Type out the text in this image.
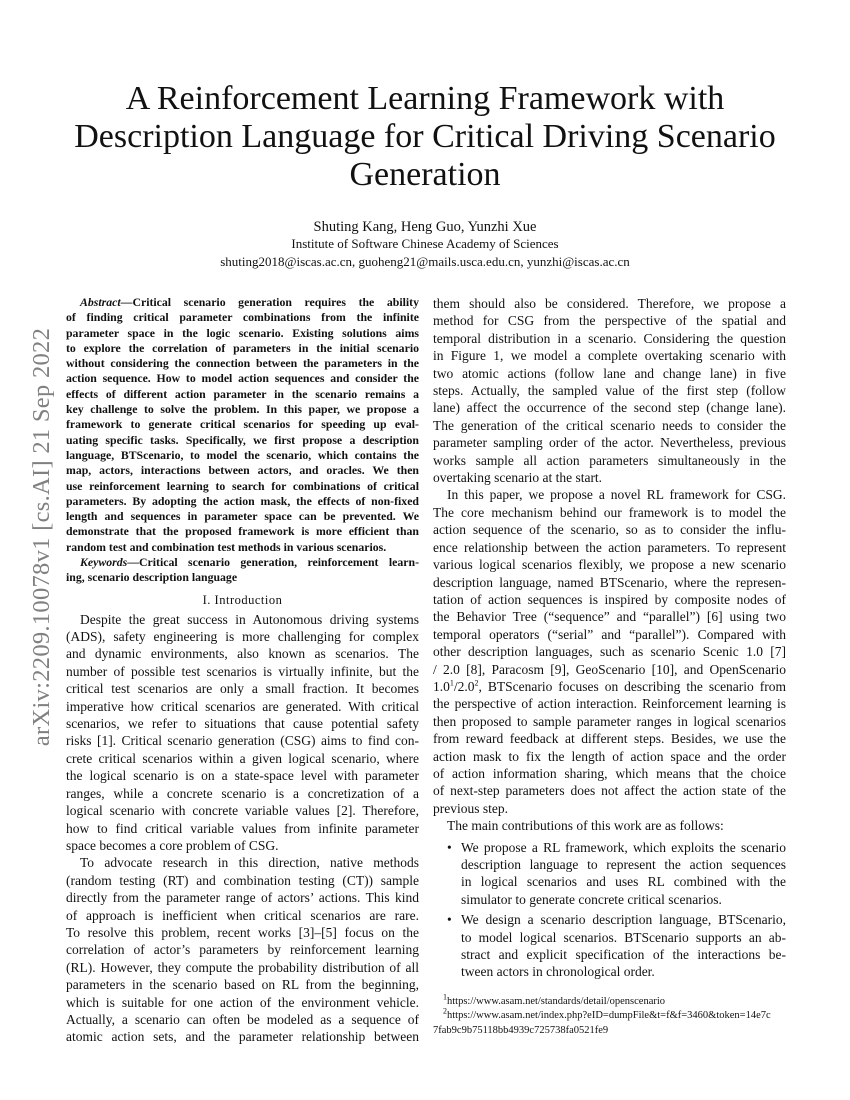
A Reinforcement Learning Framework with
Description Language for Critical Driving Scenario
Generation
Shuting Kang, Heng Guo, Yunzhi Xue
Institute of Software Chinese Academy of Sciences
shuting2018@iscas.ac.cn, guoheng21@mails.usca.edu.cn, yunzhi@iscas.ac.cn
arXiv:2209.10078v1 [cs.AI] 21 Sep 2022

Abstract—Critical scenario generation requires the ability

of finding critical parameter combinations from the infinite

parameter space in the logic scenario. Existing solutions aims

to explore the correlation of parameters in the initial scenario

without considering the connection between the parameters in the

action sequence. How to model action sequences and consider the

effects of different action parameter in the scenario remains a

key challenge to solve the problem. In this paper, we propose a

framework to generate critical scenarios for speeding up eval-

uating specific tasks. Specifically, we first propose a description

language, BTScenario, to model the scenario, which contains the

map, actors, interactions between actors, and oracles. We then

use reinforcement learning to search for combinations of critical

parameters. By adopting the action mask, the effects of non-fixed

length and sequences in parameter space can be prevented. We

demonstrate that the proposed framework is more efficient than

random test and combination test methods in various scenarios.

Keywords—Critical scenario generation, reinforcement learn-

ing, scenario description language

I. Introduction

Despite the great success in Autonomous driving systems

(ADS), safety engineering is more challenging for complex

and dynamic environments, also known as scenarios. The

number of possible test scenarios is virtually infinite, but the

critical test scenarios are only a small fraction. It becomes

imperative how critical scenarios are generated. With critical

scenarios, we refer to situations that cause potential safety

risks [1]. Critical scenario generation (CSG) aims to find con-

crete critical scenarios within a given logical scenario, where

the logical scenario is on a state-space level with parameter

ranges, while a concrete scenario is a concretization of a

logical scenario with concrete variable values [2]. Therefore,

how to find critical variable values from infinite parameter

space becomes a core problem of CSG.

To advocate research in this direction, native methods

(random testing (RT) and combination testing (CT)) sample

directly from the parameter range of actors’ actions. This kind

of approach is inefficient when critical scenarios are rare.

To resolve this problem, recent works [3]–[5] focus on the

correlation of actor’s parameters by reinforcement learning

(RL). However, they compute the probability distribution of all

parameters in the scenario based on RL from the beginning,

which is suitable for one action of the environment vehicle.

Actually, a scenario can often be modeled as a sequence of

atomic action sets, and the parameter relationship between

them should also be considered. Therefore, we propose a

method for CSG from the perspective of the spatial and

temporal distribution in a scenario. Considering the question

in Figure 1, we model a complete overtaking scenario with

two atomic actions (follow lane and change lane) in five

steps. Actually, the sampled value of the first step (follow

lane) affect the occurrence of the second step (change lane).

The generation of the critical scenario needs to consider the

parameter sampling order of the actor. Nevertheless, previous

works sample all action parameters simultaneously in the

overtaking scenario at the start.

In this paper, we propose a novel RL framework for CSG.

The core mechanism behind our framework is to model the

action sequence of the scenario, so as to consider the influ-

ence relationship between the action parameters. To represent

various logical scenarios flexibly, we propose a new scenario

description language, named BTScenario, where the represen-

tation of action sequences is inspired by composite nodes of

the Behavior Tree (“sequence” and “parallel”) [6] using two

temporal operators (“serial” and “parallel”). Compared with

other description languages, such as scenario Scenic 1.0 [7]

/ 2.0 [8], Paracosm [9], GeoScenario [10], and OpenScenario

$1.0^1/2.0^2$, BTScenario focuses on describing the scenario from

the perspective of action interaction. Reinforcement learning is

then proposed to sample parameter ranges in logical scenarios

from reward feedback at different steps. Besides, we use the

action mask to fix the length of action space and the order

of action information sharing, which means that the choice

of next-step parameters does not affect the action state of the

previous step.

The main contributions of this work are as follows:

• We propose a RL framework, which exploits the scenario

description language to represent the action sequences

in logical scenarios and uses RL combined with the

simulator to generate concrete critical scenarios.

• We design a scenario description language, BTScenario,

to model logical scenarios. BTScenario supports an ab-

stract and explicit specification of the interactions be-

tween actors in chronological order.

$^1$https://www.asam.net/standards/detail/openscenario

$^2$https://www.asam.net/index.php?eID=dumpFile&t=f&f=3460&token=14e7c

7fab9c9b75118bb4939c725738fa0521fe9
